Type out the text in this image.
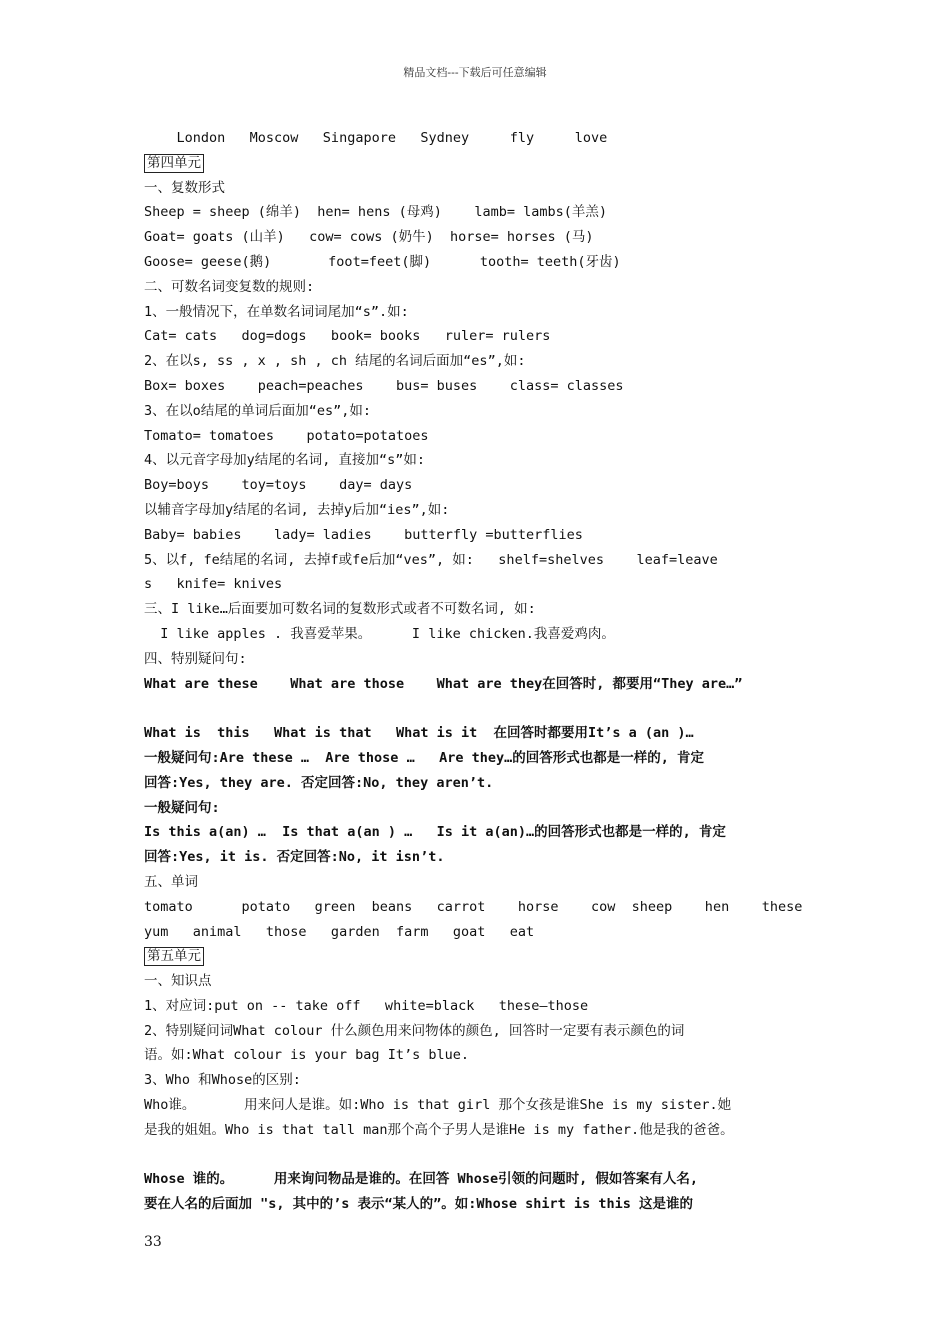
精品文档---下载后可任意编辑
London   Moscow   Singapore   Sydney     fly     love
第四单元
一、复数形式
Sheep = sheep (绵羊)  hen= hens (母鸡)    lamb= lambs(羊羔)
Goat= goats (山羊)   cow= cows (奶牛)  horse= horses (马)
Goose= geese(鹅)       foot=feet(脚)      tooth= teeth(牙齿)
二、可数名词变复数的规则:
1、一般情况下，在单数名词词尾加“s”.如:
Cat= cats   dog=dogs   book= books   ruler= rulers
2、在以s, ss , x , sh , ch 结尾的名词后面加“es”,如:
Box= boxes    peach=peaches    bus= buses    class= classes
3、在以o结尾的单词后面加“es”,如:
Tomato= tomatoes    potato=potatoes
4、以元音字母加y结尾的名词, 直接加“s”如:
Boy=boys    toy=toys    day= days
以辅音字母加y结尾的名词, 去掉y后加“ies”,如:
Baby= babies    lady= ladies    butterfly =butterflies
5、以f, fe结尾的名词, 去掉f或fe后加“ves”, 如:   shelf=shelves    leaf=leave
s   knife= knives
三、I like…后面要加可数名词的复数形式或者不可数名词, 如:
I like apples . 我喜爱苹果。     I like chicken.我喜爱鸡肉。
四、特别疑问句:
What are these    What are those    What are they在回答时, 都要用“They are…”
What is  this   What is that   What is it  在回答时都要用It’s a (an )…
一般疑问句:Are these …  Are those …   Are they…的回答形式也都是一样的, 肯定
回答:Yes, they are. 否定回答:No, they aren’t.
一般疑问句:
Is this a(an) …  Is that a(an ) …   Is it a(an)…的回答形式也都是一样的, 肯定
回答:Yes, it is. 否定回答:No, it isn’t.
五、单词
tomato      potato   green  beans   carrot    horse    cow  sheep    hen    these
yum   animal   those   garden  farm   goat   eat
第五单元
一、知识点
1、对应词:put on -- take off   white=black   these—those
2、特别疑问词What colour 什么颜色用来问物体的颜色, 回答时一定要有表示颜色的词
语。如:What colour is your bag It’s blue.
3、Who 和Whose的区别:
Who谁。      用来问人是谁。如:Who is that girl 那个女孩是谁She is my sister.她
是我的姐姐。Who is that tall man那个高个子男人是谁He is my father.他是我的爸爸。
Whose 谁的。     用来询问物品是谁的。在回答 Whose引领的问题时, 假如答案有人名,
要在人名的后面加 "s, 其中的’s 表示“某人的”。如:Whose shirt is this 这是谁的
33
